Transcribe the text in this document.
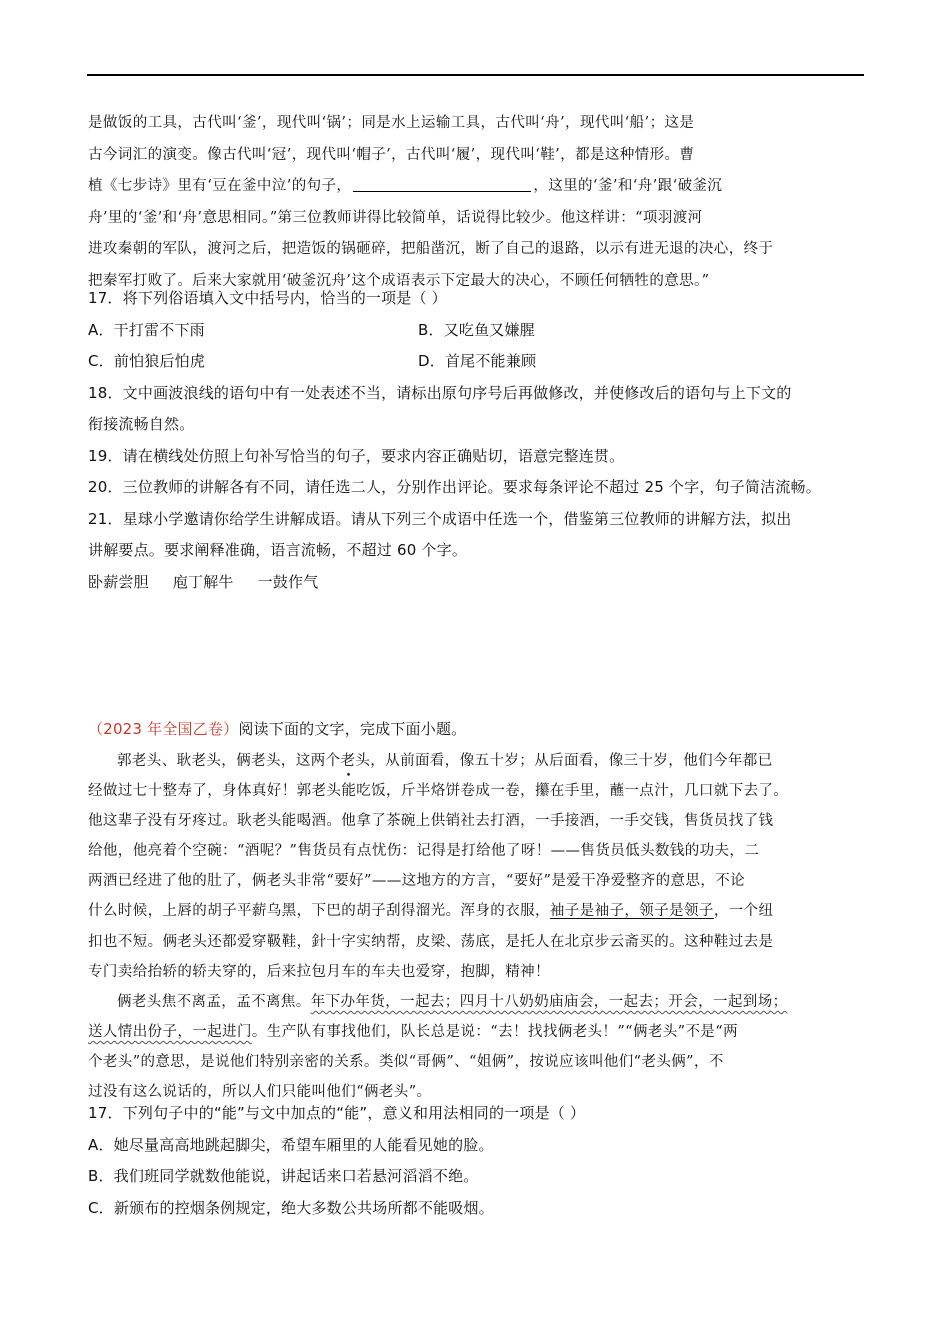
是做饭的工具，古代叫‘釜’，现代叫‘锅’；同是水上运输工具，古代叫‘舟’，现代叫‘船’；这是
古今词汇的演变。像古代叫‘冠’，现代叫‘帽子’，古代叫‘履’，现代叫‘鞋’，都是这种情形。曹
植《七步诗》里有‘豆在釜中泣’的句子，	，这里的‘釜’和‘舟’跟‘破釜沉
舟’里的‘釜’和‘舟’意思相同。”第三位教师讲得比较简单，话说得比较少。他这样讲：“项羽渡河
进攻秦朝的军队，渡河之后，把造饭的锅砸碎，把船凿沉，断了自己的退路，以示有进无退的决心，终于
把秦军打败了。后来大家就用‘破釜沉舟’这个成语表示下定最大的决心，不顾任何牺牲的意思。”
17．将下列俗语填入文中括号内，恰当的一项是（ ）
A．干打雷不下雨	B．又吃鱼又嫌腥
C．前怕狼后怕虎	D．首尾不能兼顾
18．文中画波浪线的语句中有一处表述不当，请标出原句序号后再做修改，并使修改后的语句与上下文的
衔接流畅自然。
19．请在横线处仿照上句补写恰当的句子，要求内容正确贴切，语意完整连贯。
20．三位教师的讲解各有不同，请任选二人，分别作出评论。要求每条评论不超过 25 个字，句子简洁流畅。
21．星球小学邀请你给学生讲解成语。请从下列三个成语中任选一个，借鉴第三位教师的讲解方法，拟出
讲解要点。要求阐释准确，语言流畅，不超过 60 个字。
卧薪尝胆 庖丁解牛 一鼓作气
（2023 年全国乙卷）阅读下面的文字，完成下面小题。
郭老头、耿老头，俩老头，这两个老头，从前面看，像五十岁；从后面看，像三十岁，他们今年都已
经做过七十整寿了，身体真好！郭老头能吃饭，斤半烙饼卷成一卷，攥在手里，蘸一点汁，几口就下去了。
他这辈子没有牙疼过。耿老头能喝酒。他拿了茶碗上供销社去打酒，一手接酒，一手交钱，售货员找了钱
给他，他亮着个空碗：“酒呢？”售货员有点忧伤：记得是打给他了呀！——售货员低头数钱的功夫，二
两酒已经进了他的肚了，俩老头非常“要好”——这地方的方言，“要好”是爱干净爱整齐的意思，不论
什么时候，上唇的胡子平薪乌黑，下巴的胡子刮得溜光。浑身的衣服，袖子是袖子，领子是领子，一个纽
扣也不短。俩老头还都爱穿靸鞋，針十字实纳帮，皮梁、荡底，是托人在北京步云斋买的。这种鞋过去是
专门卖给抬轿的轿夫穿的，后来拉包月车的车夫也爱穿，抱脚，精神！
俩老头焦不离孟，孟不离焦。年下办年货，一起去；四月十八奶奶庙庙会，一起去；开会，一起到场；
送人情出份子，一起进门。生产队有事找他们，队长总是说：“去！找找俩老头！”“俩老头”不是“两
个老头”的意思，是说他们特别亲密的关系。类似“哥俩”、“姐俩”，按说应该叫他们“老头俩”，不
过没有这么说话的，所以人们只能叫他们“俩老头”。
17．下列句子中的“能”与文中加点的“能”，意义和用法相同的一项是（ ）
A．她尽量高高地跳起脚尖，希望车厢里的人能看见她的脸。
B．我们班同学就数他能说，讲起话来口若悬河滔滔不绝。
C．新颁布的控烟条例规定，绝大多数公共场所都不能吸烟。
